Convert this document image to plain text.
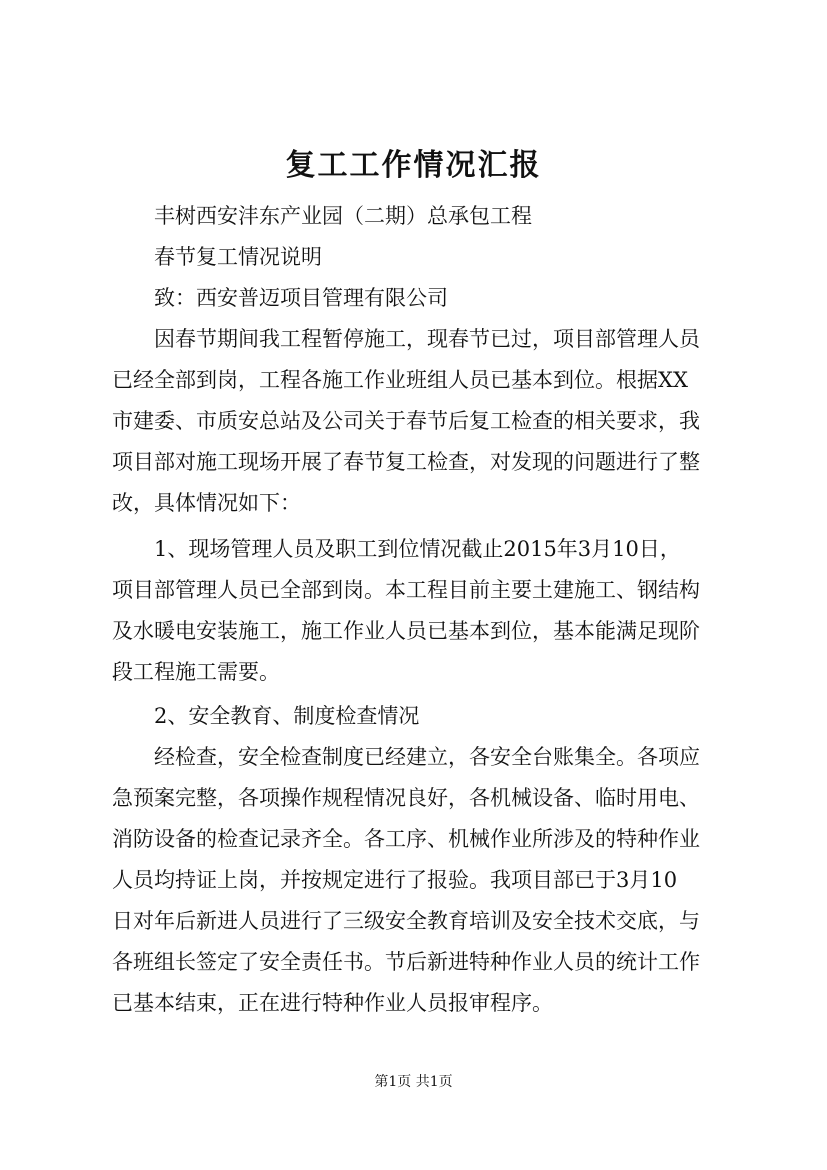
复工工作情况汇报
丰树西安沣东产业园（二期）总承包工程
春节复工情况说明
致：西安普迈项目管理有限公司
因春节期间我工程暂停施工，现春节已过，项目部管理人员
已经全部到岗，工程各施工作业班组人员已基本到位。根据XX
市建委、市质安总站及公司关于春节后复工检查的相关要求，我
项目部对施工现场开展了春节复工检查，对发现的问题进行了整
改，具体情况如下：
1、现场管理人员及职工到位情况截止2015年3月10日，
项目部管理人员已全部到岗。本工程目前主要土建施工、钢结构
及水暖电安装施工，施工作业人员已基本到位，基本能满足现阶
段工程施工需要。
2、安全教育、制度检查情况
经检查，安全检查制度已经建立，各安全台账集全。各项应
急预案完整，各项操作规程情况良好，各机械设备、临时用电、
消防设备的检查记录齐全。各工序、机械作业所涉及的特种作业
人员均持证上岗，并按规定进行了报验。我项目部已于3月10
日对年后新进人员进行了三级安全教育培训及安全技术交底，与
各班组长签定了安全责任书。节后新进特种作业人员的统计工作
已基本结束，正在进行特种作业人员报审程序。
第1页 共1页
